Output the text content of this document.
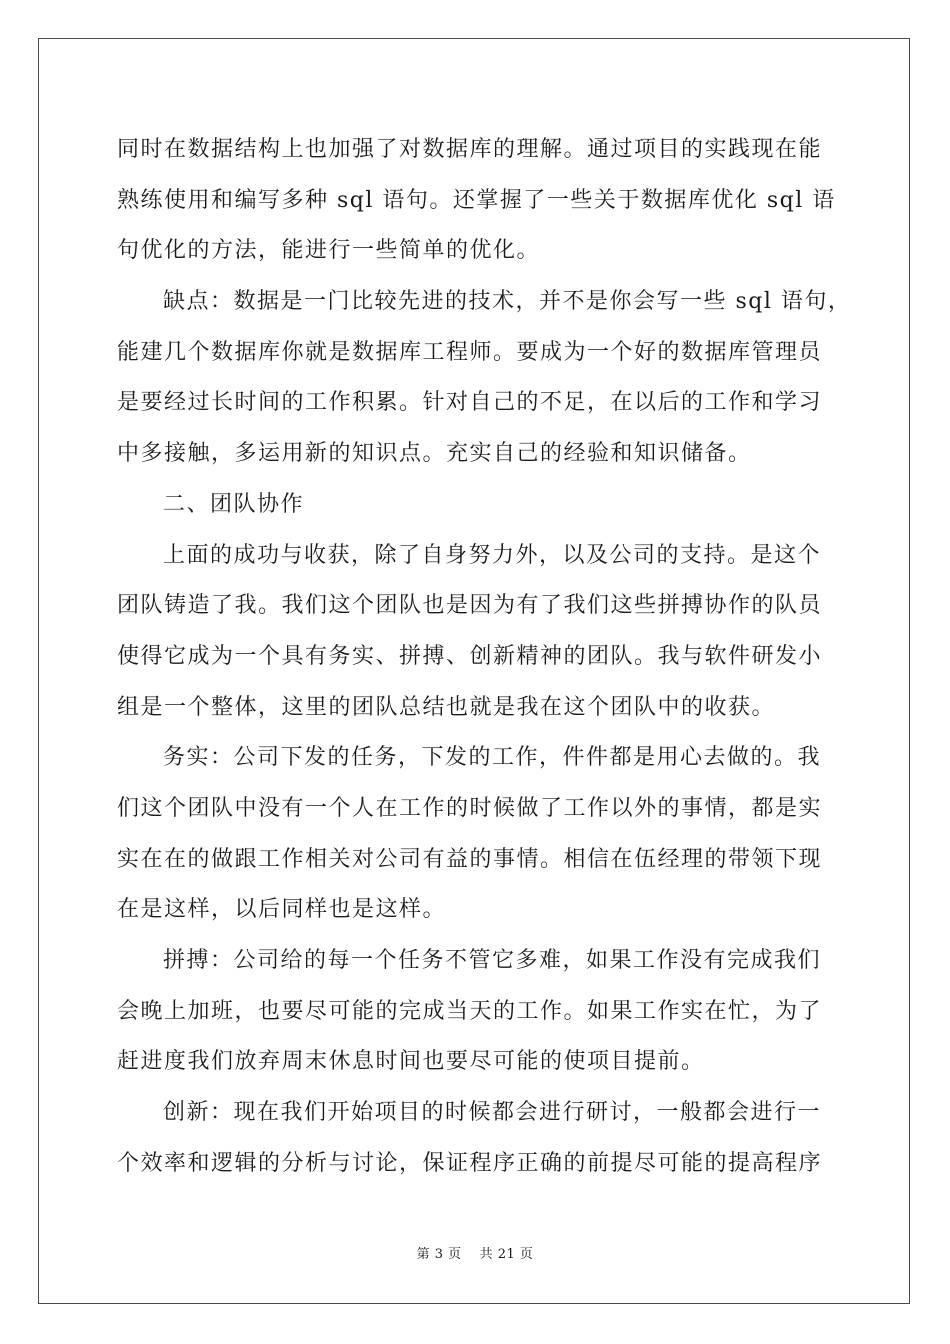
同时在数据结构上也加强了对数据库的理解。通过项目的实践现在能
熟练使用和编写多种 sql 语句。还掌握了一些关于数据库优化 sql 语
句优化的方法，能进行一些简单的优化。
缺点：数据是一门比较先进的技术，并不是你会写一些 sql 语句，
能建几个数据库你就是数据库工程师。要成为一个好的数据库管理员
是要经过长时间的工作积累。针对自己的不足，在以后的工作和学习
中多接触，多运用新的知识点。充实自己的经验和知识储备。
二、团队协作
上面的成功与收获，除了自身努力外，以及公司的支持。是这个
团队铸造了我。我们这个团队也是因为有了我们这些拼搏协作的队员
使得它成为一个具有务实、拼搏、创新精神的团队。我与软件研发小
组是一个整体，这里的团队总结也就是我在这个团队中的收获。
务实：公司下发的任务，下发的工作，件件都是用心去做的。我
们这个团队中没有一个人在工作的时候做了工作以外的事情，都是实
实在在的做跟工作相关对公司有益的事情。相信在伍经理的带领下现
在是这样，以后同样也是这样。
拼搏：公司给的每一个任务不管它多难，如果工作没有完成我们
会晚上加班，也要尽可能的完成当天的工作。如果工作实在忙，为了
赶进度我们放弃周末休息时间也要尽可能的使项目提前。
创新：现在我们开始项目的时候都会进行研讨，一般都会进行一
个效率和逻辑的分析与讨论，保证程序正确的前提尽可能的提高程序
第 3 页 共 21 页
